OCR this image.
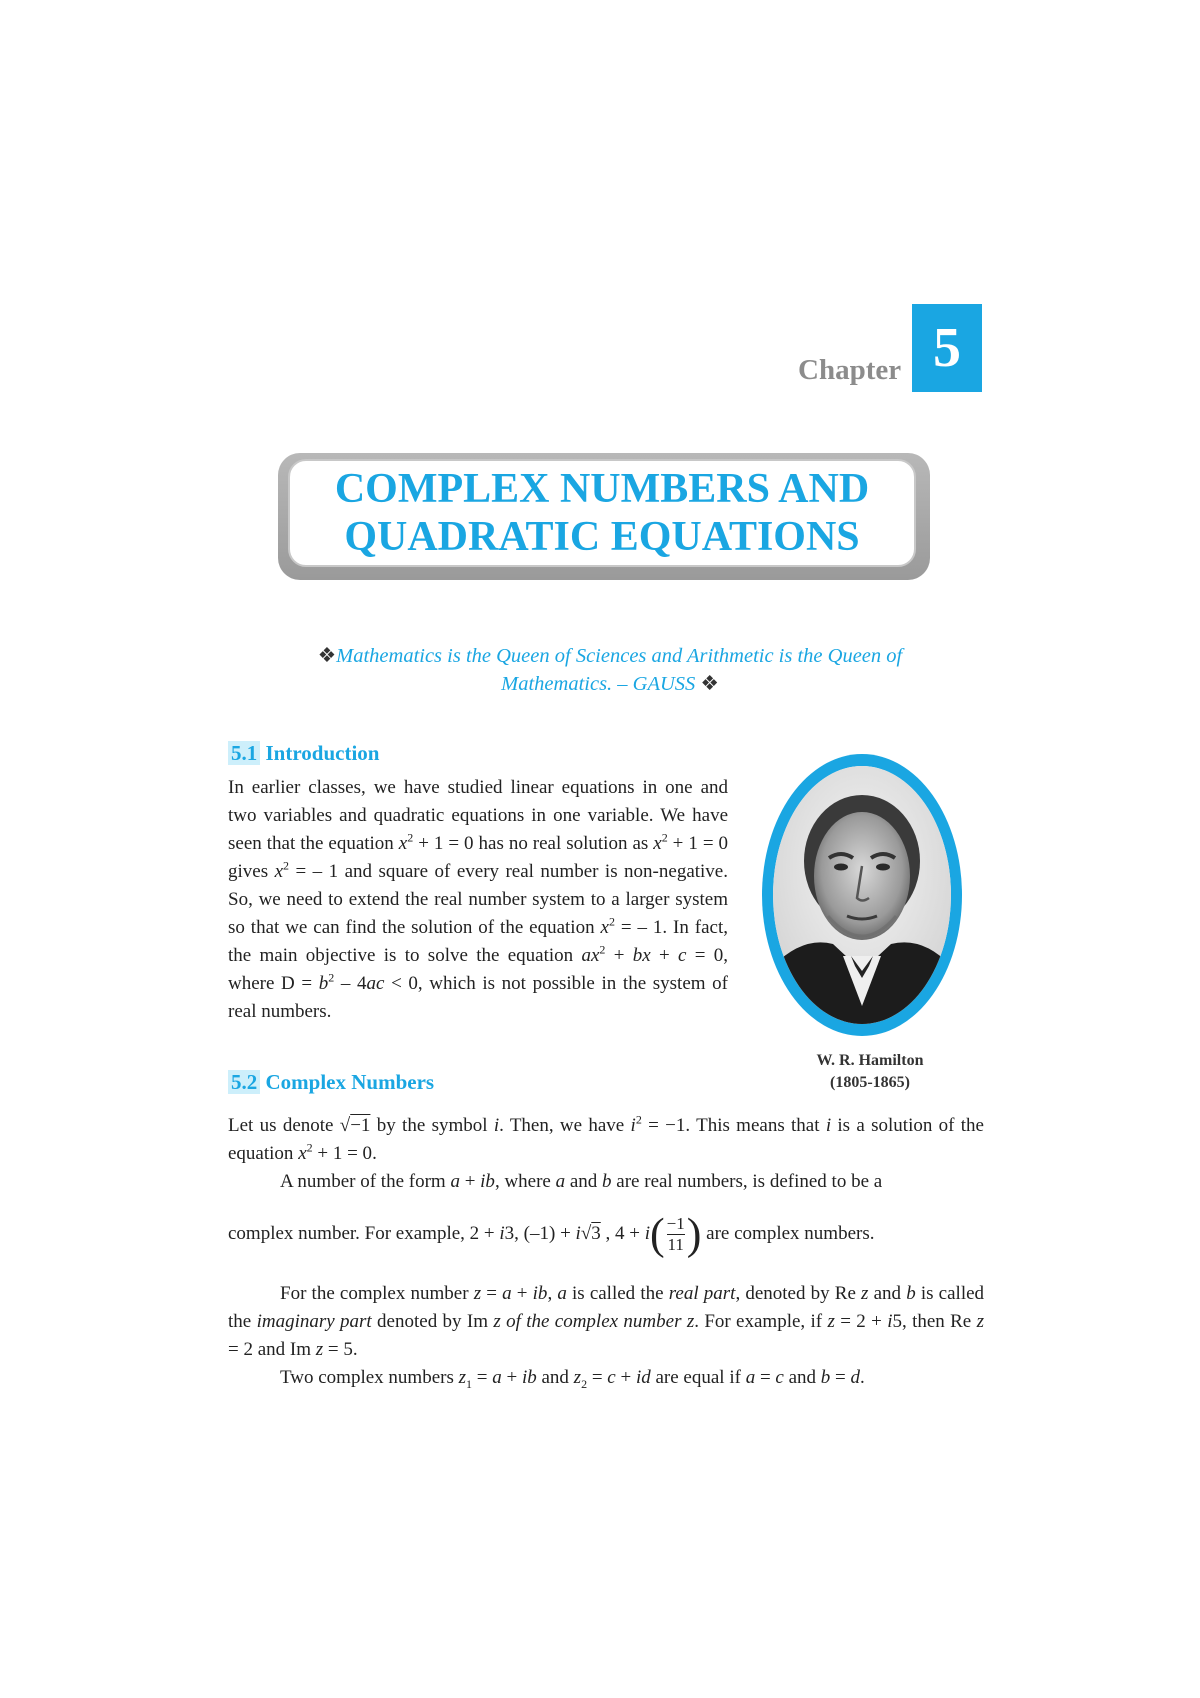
Chapter 5
COMPLEX NUMBERS AND
QUADRATIC EQUATIONS
❖Mathematics is the Queen of Sciences and Arithmetic is the Queen of
Mathematics. – GAUSS ❖
5.1 Introduction
In earlier classes, we have studied linear equations in one and two variables and quadratic equations in one variable. We have seen that the equation $x^2 + 1 = 0$ has no real solution as $x^2 + 1 = 0$ gives $x^2$ = – 1 and square of every real number is non-negative. So, we need to extend the real number system to a larger system so that we can find the solution of the equation $x^2$ = – 1. In fact, the main objective is to solve the equation $ax^2$ + bx + c = 0, where $D = b^2 - 4ac < 0$, which is not possible in the system of real numbers.
W. R. Hamilton
(1805-1865)
5.2 Complex Numbers
Let us denote √−1 by the symbol i. Then, we have $i^2 = -1$. This means that i is a solution of the equation $x^2 + 1 = 0$.
A number of the form a + ib, where a and b are real numbers, is defined to be a
complex number. For example, 2 + i3, (–1) + i√3 , $4 + i( \frac{-1}{11}$ ) are complex numbers.
For the complex number z = a + ib, a is called the real part, denoted by Re z and b is called the imaginary part denoted by Im z of the complex number z. For example, if z = 2 + i5, then Re z = 2 and Im z = 5.
Two complex numbers $z_1 = a$ + ib and $z_2 = c$ + id are equal if a = c and b = d.
